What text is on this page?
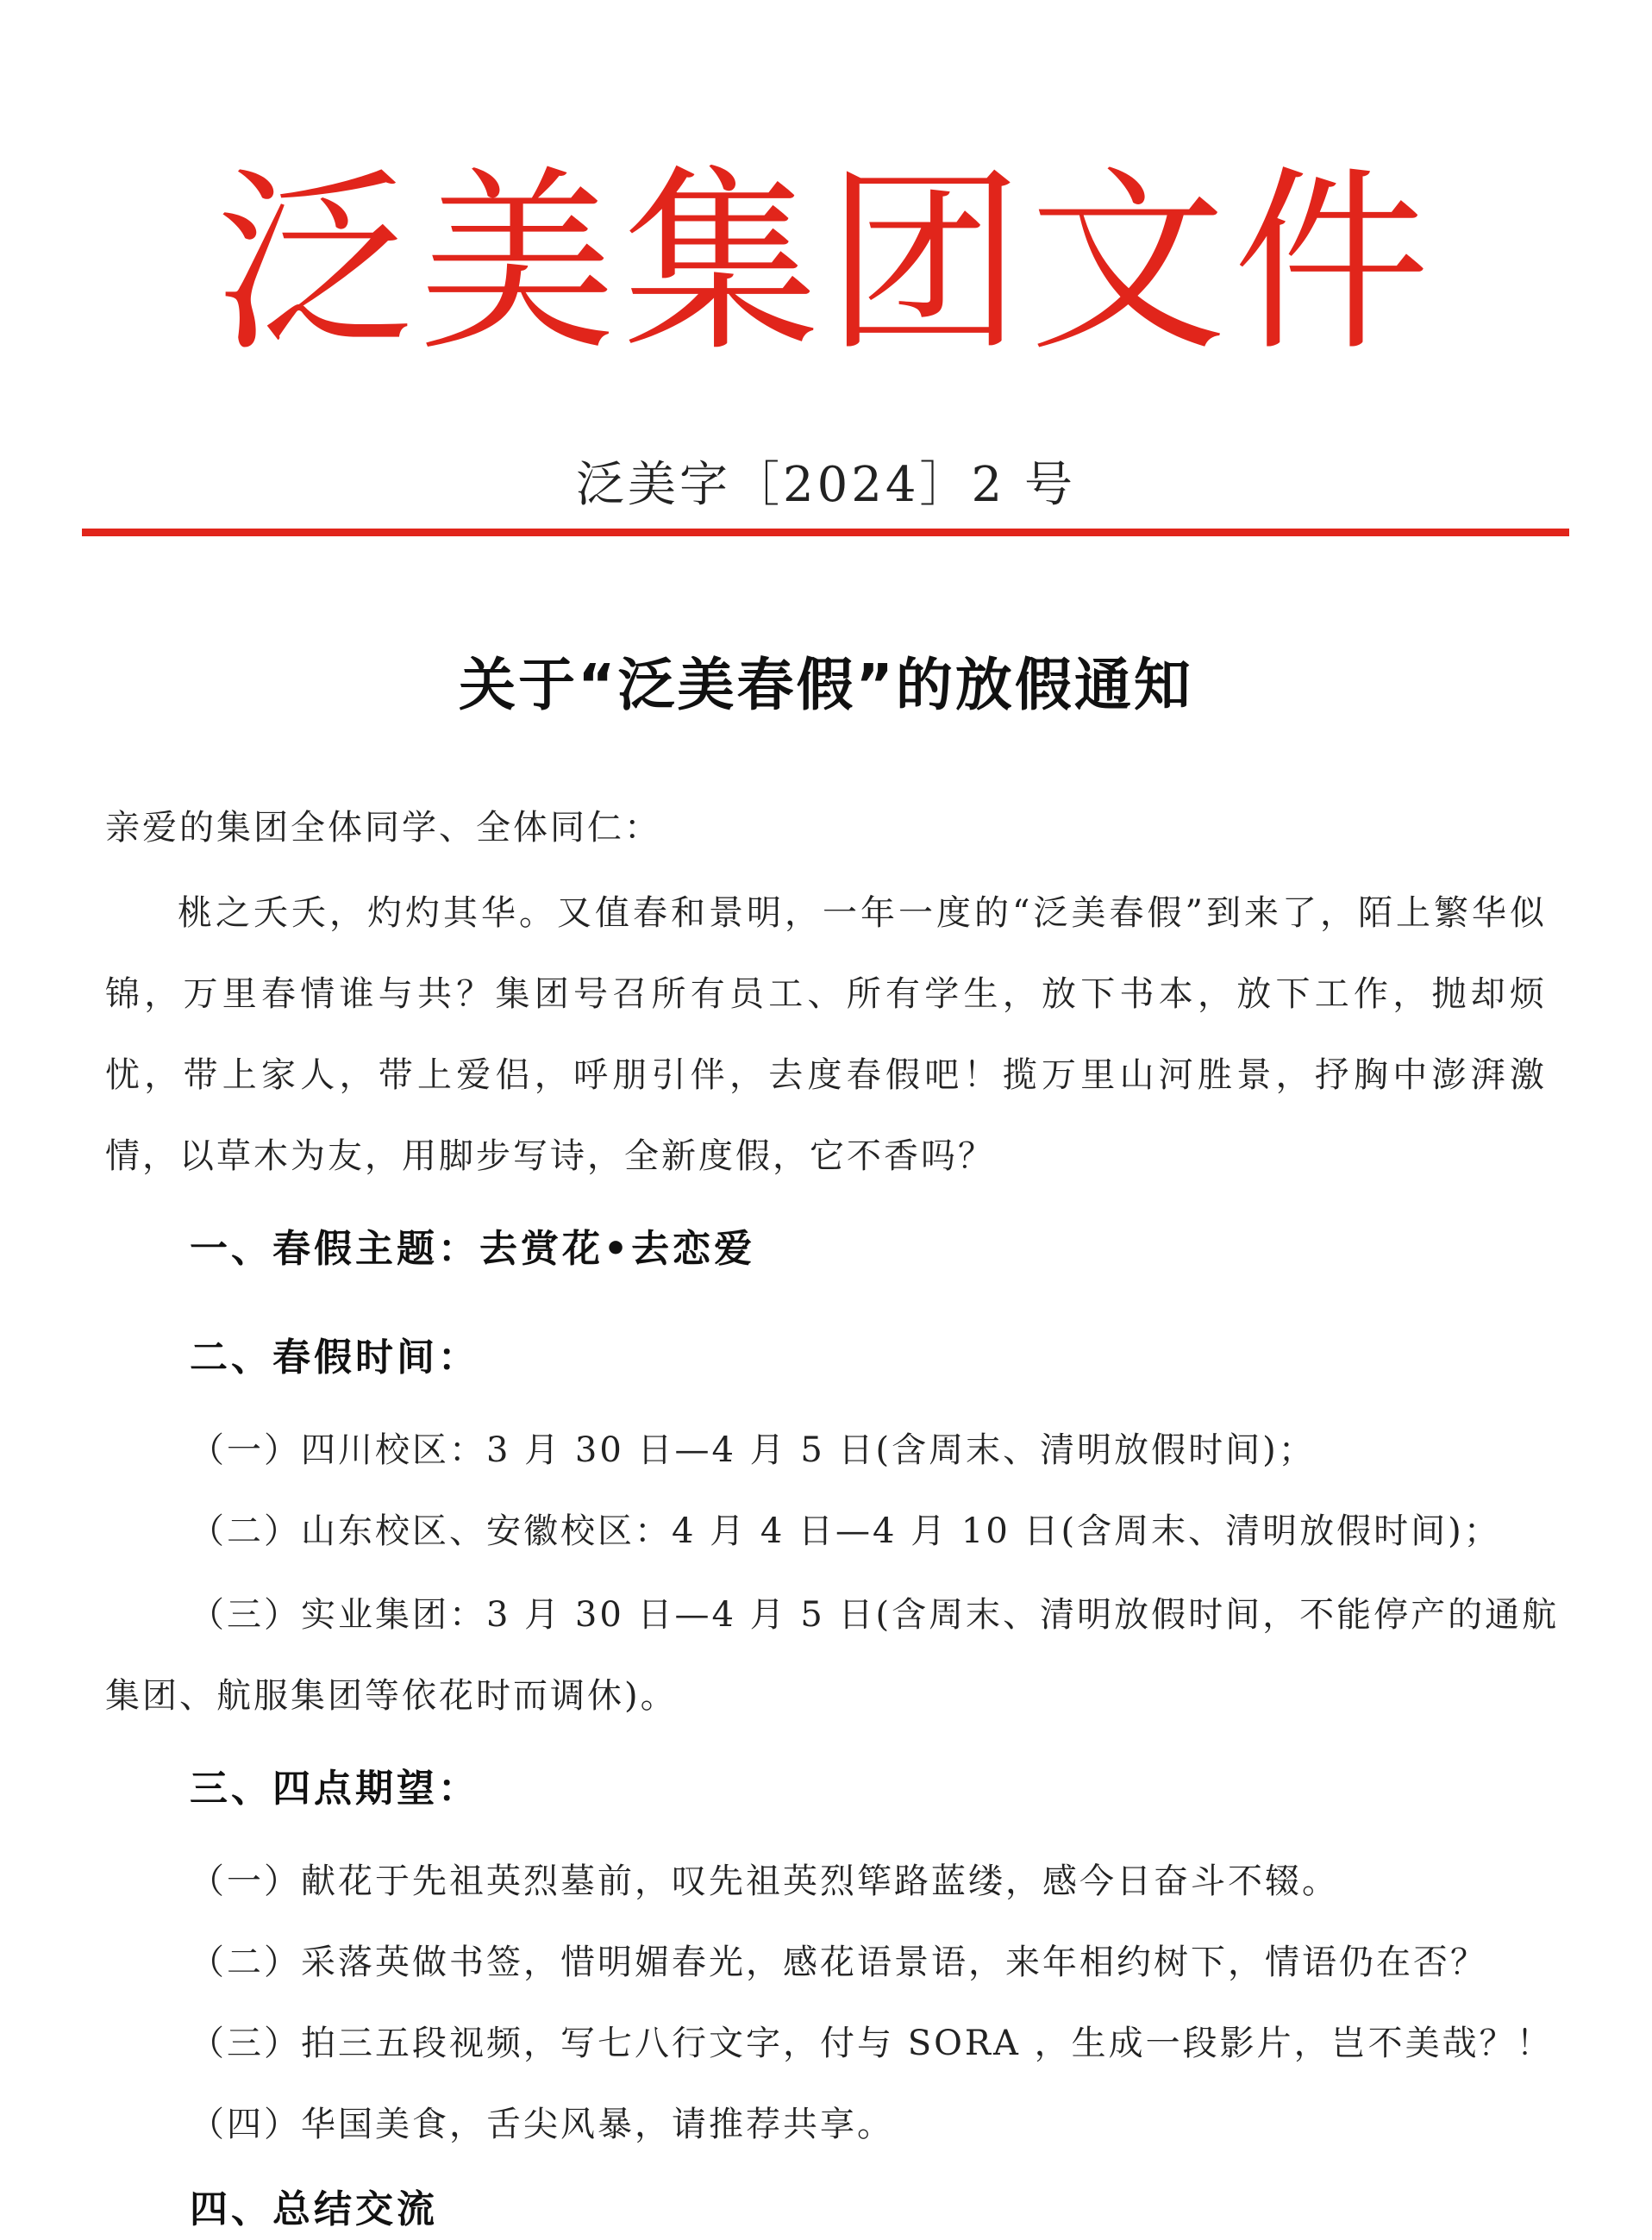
泛美集团文件
泛美字［2024］2 号
关于“泛美春假”的放假通知
亲爱的集团全体同学、全体同仁：
桃之夭夭，灼灼其华。又值春和景明，一年一度的“泛美春假”到来了，陌上繁华似锦，万里春情谁与共？集团号召所有员工、所有学生，放下书本，放下工作，抛却烦忧，带上家人，带上爱侣，呼朋引伴，去度春假吧！揽万里山河胜景，抒胸中澎湃激情，以草木为友，用脚步写诗，全新度假，它不香吗？
一、春假主题：去赏花•去恋爱
二、春假时间：
（一）四川校区：3 月 30 日—4 月 5 日(含周末、清明放假时间)；
（二）山东校区、安徽校区：4 月 4 日—4 月 10 日(含周末、清明放假时间)；
（三）实业集团：3 月 30 日—4 月 5 日(含周末、清明放假时间，不能停产的通航集团、航服集团等依花时而调休)。
三、四点期望：
（一）献花于先祖英烈墓前，叹先祖英烈筚路蓝缕，感今日奋斗不辍。
（二）采落英做书签，惜明媚春光，感花语景语，来年相约树下，情语仍在否？
（三）拍三五段视频，写七八行文字，付与 SORA ，生成一段影片，岂不美哉？！
（四）华国美食，舌尖风暴，请推荐共享。
四、总结交流
